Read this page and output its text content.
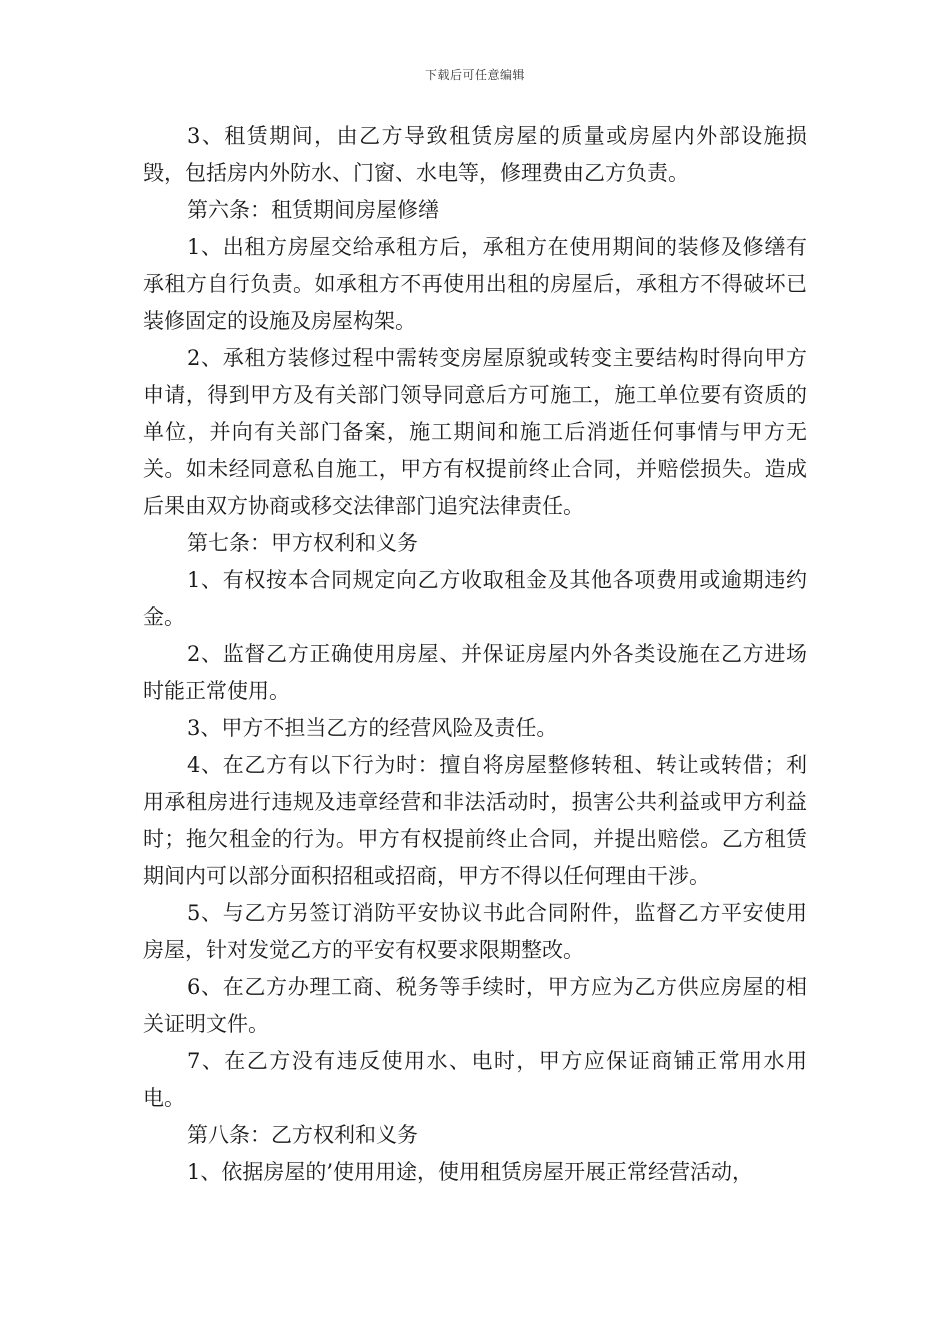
下载后可任意编辑

3、租赁期间，由乙方导致租赁房屋的质量或房屋内外部设施损毁，包括房内外防水、门窗、水电等，修理费由乙方负责。

第六条：租赁期间房屋修缮

1、出租方房屋交给承租方后，承租方在使用期间的装修及修缮有承租方自行负责。如承租方不再使用出租的房屋后，承租方不得破坏已装修固定的设施及房屋构架。

2、承租方装修过程中需转变房屋原貌或转变主要结构时得向甲方申请，得到甲方及有关部门领导同意后方可施工，施工单位要有资质的单位，并向有关部门备案，施工期间和施工后消逝任何事情与甲方无关。如未经同意私自施工，甲方有权提前终止合同，并赔偿损失。造成后果由双方协商或移交法律部门追究法律责任。

第七条：甲方权利和义务

1、有权按本合同规定向乙方收取租金及其他各项费用或逾期违约金。

2、监督乙方正确使用房屋、并保证房屋内外各类设施在乙方进场时能正常使用。

3、甲方不担当乙方的经营风险及责任。

4、在乙方有以下行为时：擅自将房屋整修转租、转让或转借；利用承租房进行违规及违章经营和非法活动时，损害公共利益或甲方利益时；拖欠租金的行为。甲方有权提前终止合同，并提出赔偿。乙方租赁期间内可以部分面积招租或招商，甲方不得以任何理由干涉。

5、与乙方另签订消防平安协议书此合同附件，监督乙方平安使用房屋，针对发觉乙方的平安有权要求限期整改。

6、在乙方办理工商、税务等手续时，甲方应为乙方供应房屋的相关证明文件。

7、在乙方没有违反使用水、电时，甲方应保证商铺正常用水用电。

第八条：乙方权利和义务

1、依据房屋的’使用用途，使用租赁房屋开展正常经营活动，
